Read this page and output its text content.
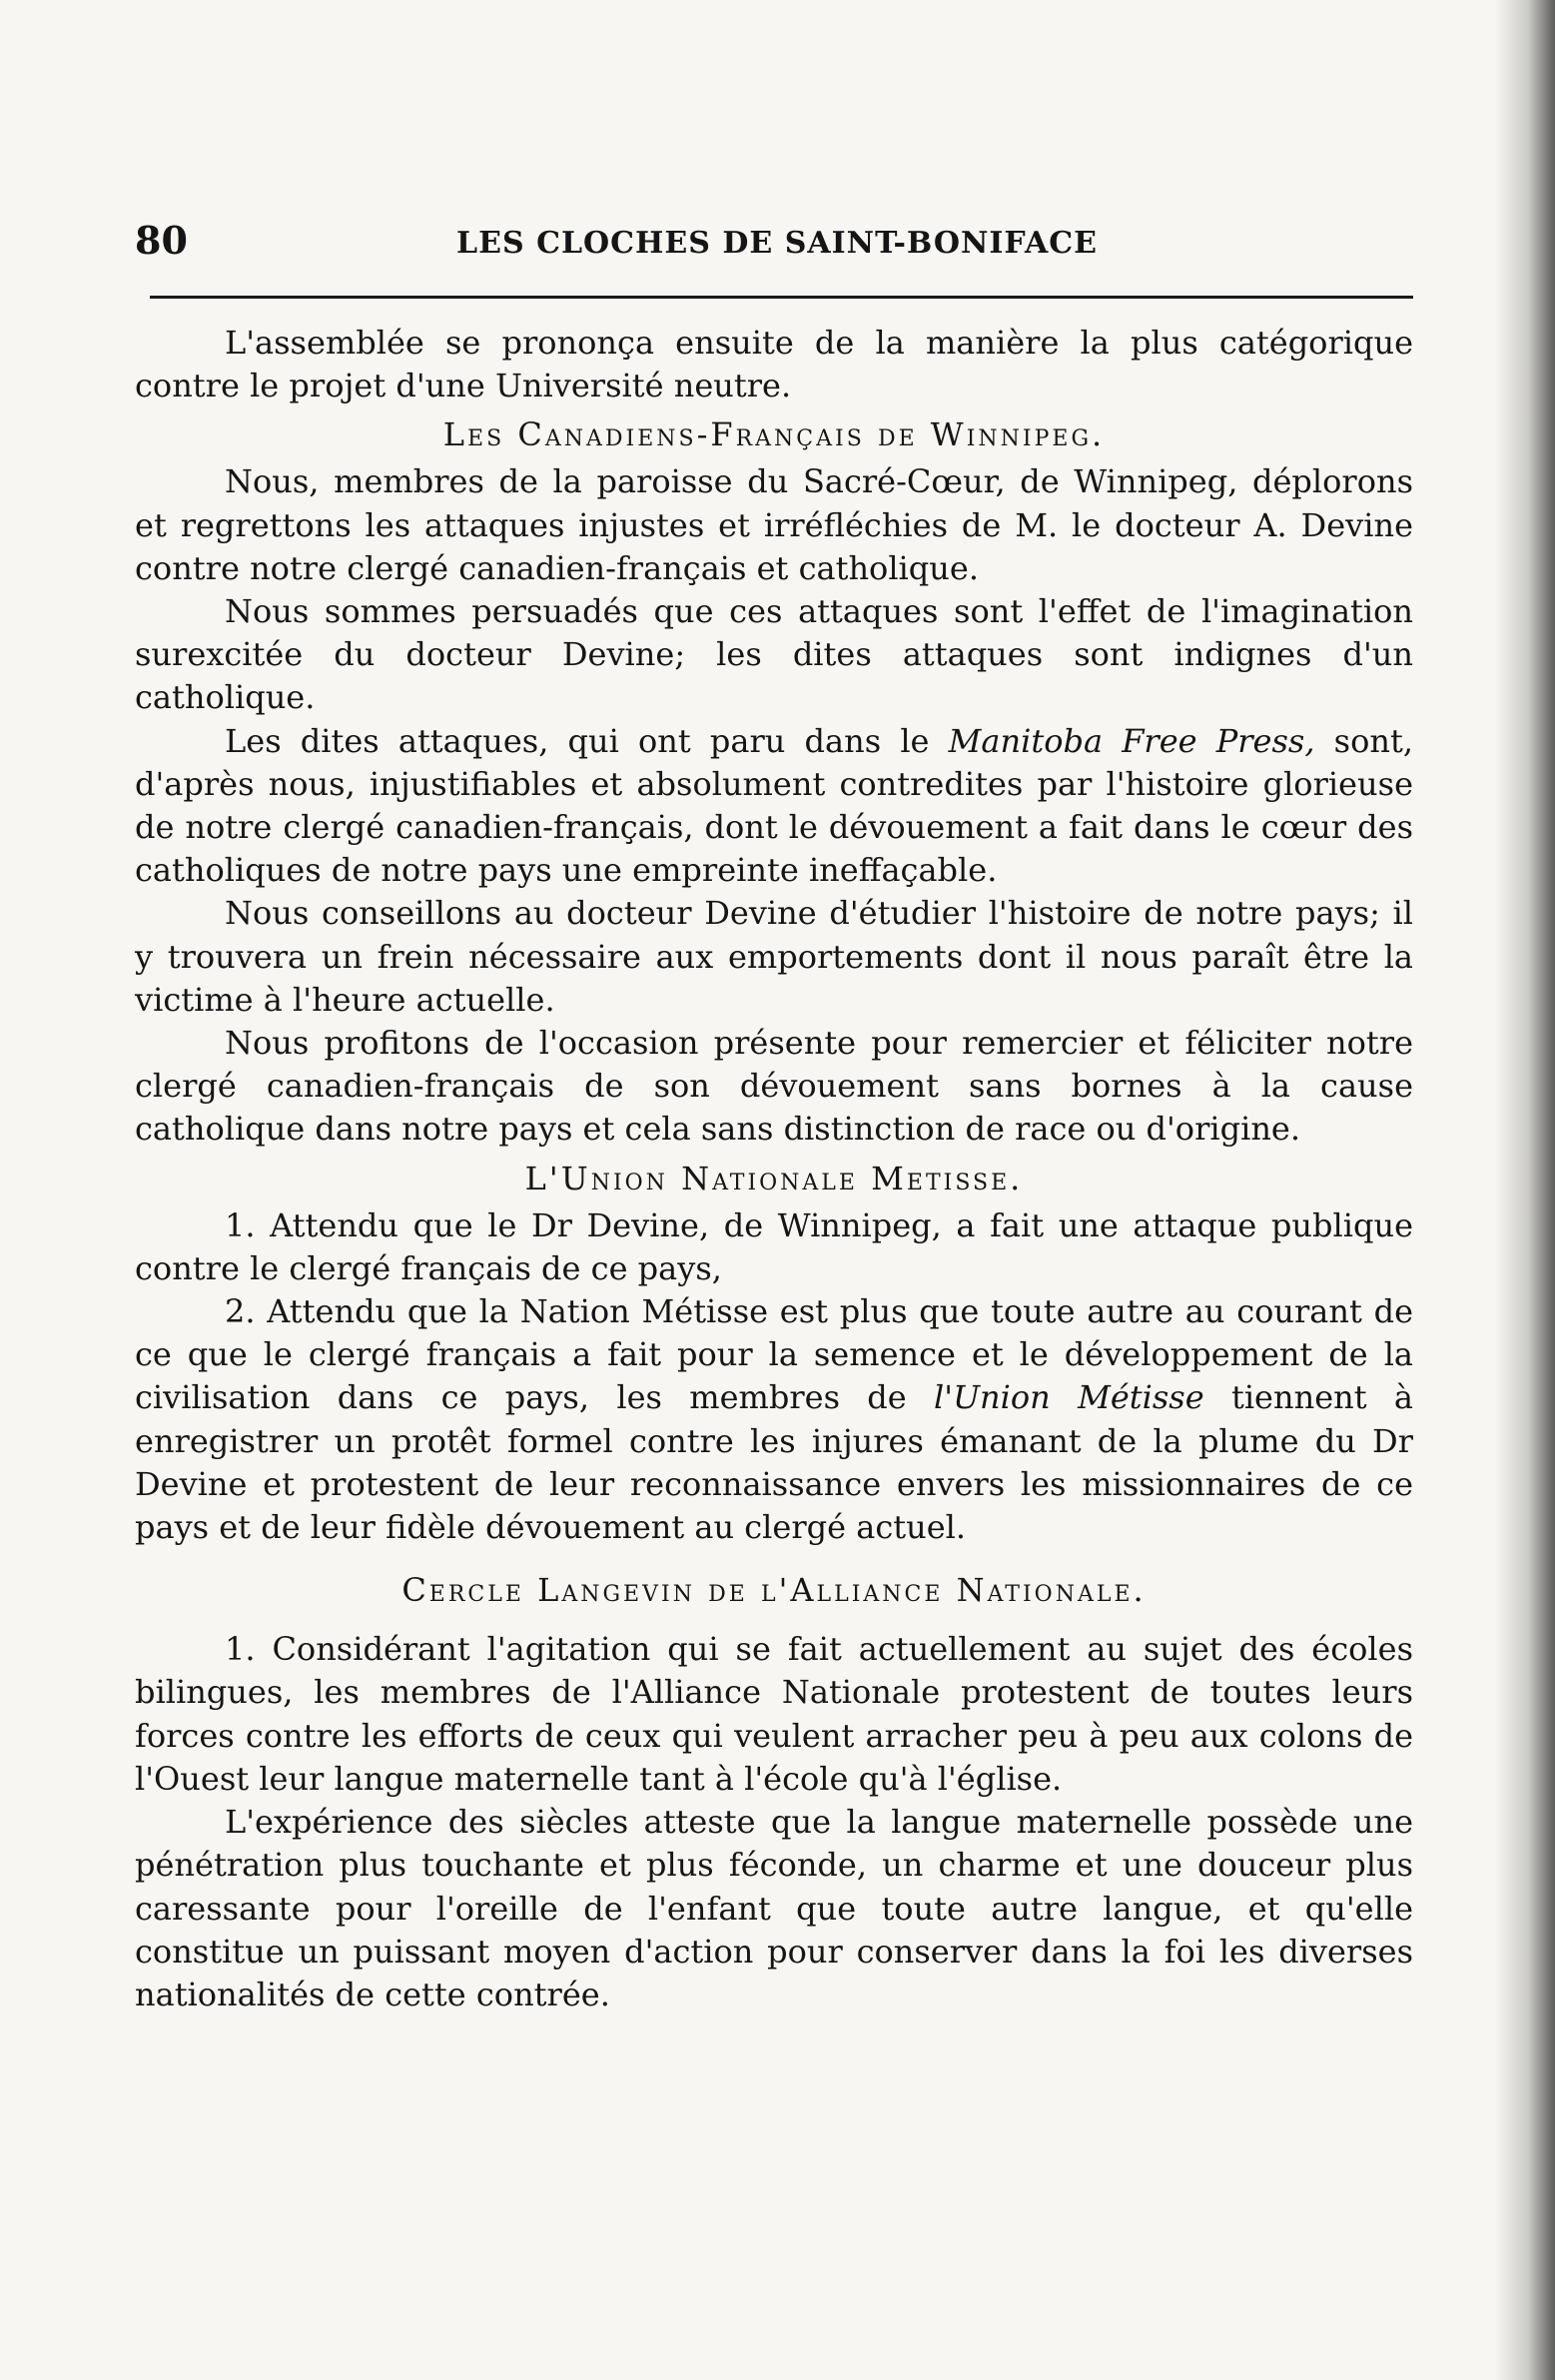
80	LES CLOCHES DE SAINT-BONIFACE

L'assemblée se prononça ensuite de la manière la plus catégorique contre le projet d'une Université neutre.

Les Canadiens-Français de Winnipeg.

Nous, membres de la paroisse du Sacré-Cœur, de Winnipeg, déplorons et regrettons les attaques injustes et irréfléchies de M. le docteur A. Devine contre notre clergé canadien-français et catholique.

Nous sommes persuadés que ces attaques sont l'effet de l'imagination surexcitée du docteur Devine; les dites attaques sont indignes d'un catholique.

Les dites attaques, qui ont paru dans le Manitoba Free Press, sont, d'après nous, injustifiables et absolument contredites par l'histoire glorieuse de notre clergé canadien-français, dont le dévouement a fait dans le cœur des catholiques de notre pays une empreinte ineffaçable.

Nous conseillons au docteur Devine d'étudier l'histoire de notre pays; il y trouvera un frein nécessaire aux emportements dont il nous paraît être la victime à l'heure actuelle.

Nous profitons de l'occasion présente pour remercier et féliciter notre clergé canadien-français de son dévouement sans bornes à la cause catholique dans notre pays et cela sans distinction de race ou d'origine.

L'Union Nationale Metisse.

1. Attendu que le Dr Devine, de Winnipeg, a fait une attaque publique contre le clergé français de ce pays,

2. Attendu que la Nation Métisse est plus que toute autre au courant de ce que le clergé français a fait pour la semence et le développement de la civilisation dans ce pays, les membres de l'Union Métisse tiennent à enregistrer un protêt formel contre les injures émanant de la plume du Dr Devine et protestent de leur reconnaissance envers les missionnaires de ce pays et de leur fidèle dévouement au clergé actuel.

Cercle Langevin de l'Alliance Nationale.

1. Considérant l'agitation qui se fait actuellement au sujet des écoles bilingues, les membres de l'Alliance Nationale protestent de toutes leurs forces contre les efforts de ceux qui veulent arracher peu à peu aux colons de l'Ouest leur langue maternelle tant à l'école qu'à l'église.

L'expérience des siècles atteste que la langue maternelle possède une pénétration plus touchante et plus féconde, un charme et une douceur plus caressante pour l'oreille de l'enfant que toute autre langue, et qu'elle constitue un puissant moyen d'action pour conserver dans la foi les diverses nationalités de cette contrée.
